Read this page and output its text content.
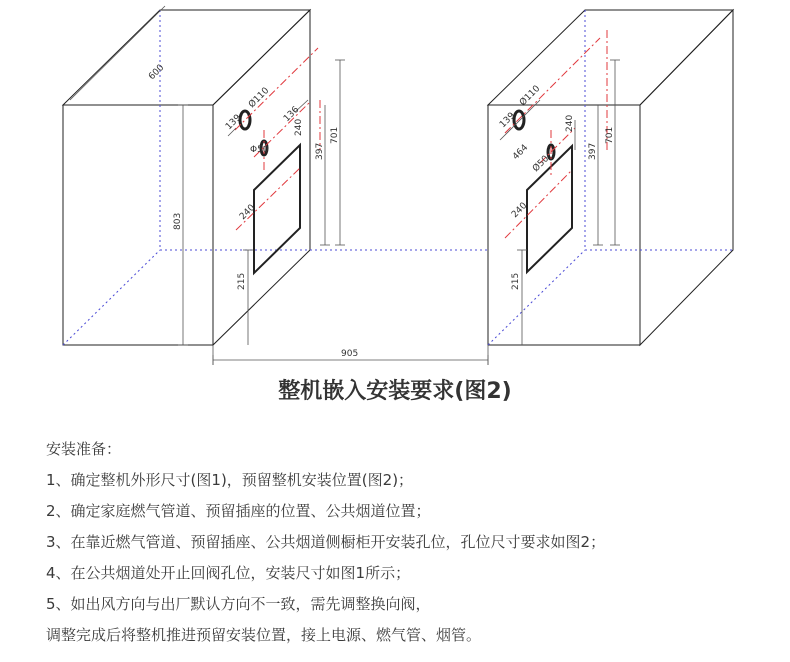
600
803
Ø110
Φ50
139	136
240
397
701
240
215
Ø110
Ø50
139
464
240
397
701
240
215
905
整机嵌入安装要求(图2)
安装准备：
1、确定整机外形尺寸(图1)，预留整机安装位置(图2)；
2、确定家庭燃气管道、预留插座的位置、公共烟道位置；
3、在靠近燃气管道、预留插座、公共烟道侧橱柜开安装孔位，孔位尺寸要求如图2；
4、在公共烟道处开止回阀孔位，安装尺寸如图1所示；
5、如出风方向与出厂默认方向不一致，需先调整换向阀，
调整完成后将整机推进预留安装位置，接上电源、燃气管、烟管。
